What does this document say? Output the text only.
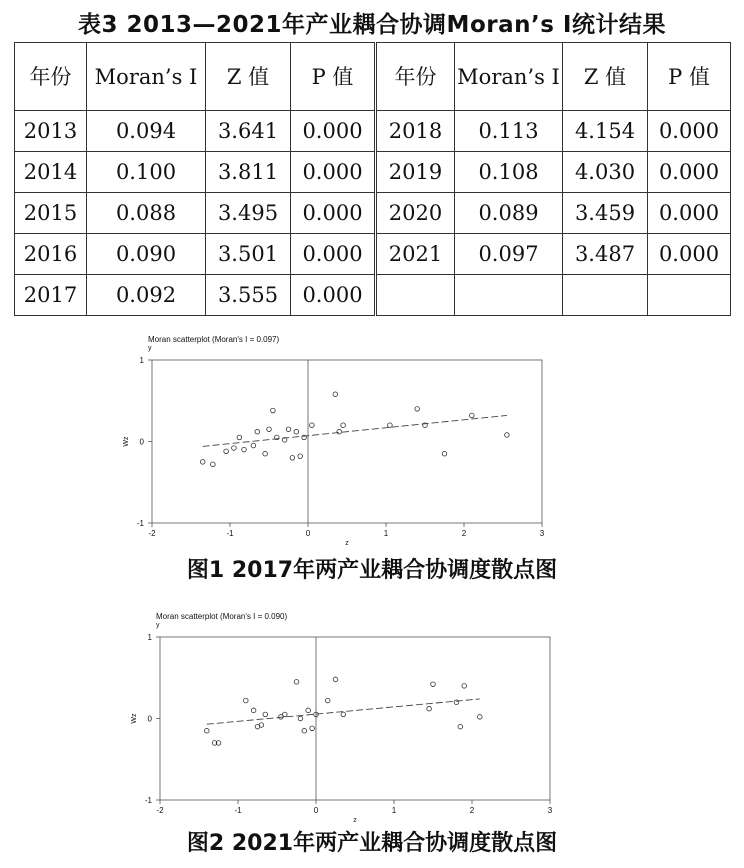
表3 2013—2021年产业耦合协调Moran’s I统计结果
年份	Moran’s I	Z 值	P 值	年份	Moran’s I	Z 值	P 值
2013	0.094	3.641	0.000	2018	0.113	4.154	0.000
2014	0.100	3.811	0.000	2019	0.108	4.030	0.000
2015	0.088	3.495	0.000	2020	0.089	3.459	0.000
2016	0.090	3.501	0.000	2021	0.097	3.487	0.000
2017	0.092	3.555	0.000				
Moran scatterplot (Moran's I = 0.097)
y
-1
0
1
-2	-1	0	1	2	3
z
Wz
图1 2017年两产业耦合协调度散点图
Moran scatterplot (Moran's I = 0.090)
y
-1
0
1
-2	-1	0	1	2	3
z
Wz
图2 2021年两产业耦合协调度散点图
